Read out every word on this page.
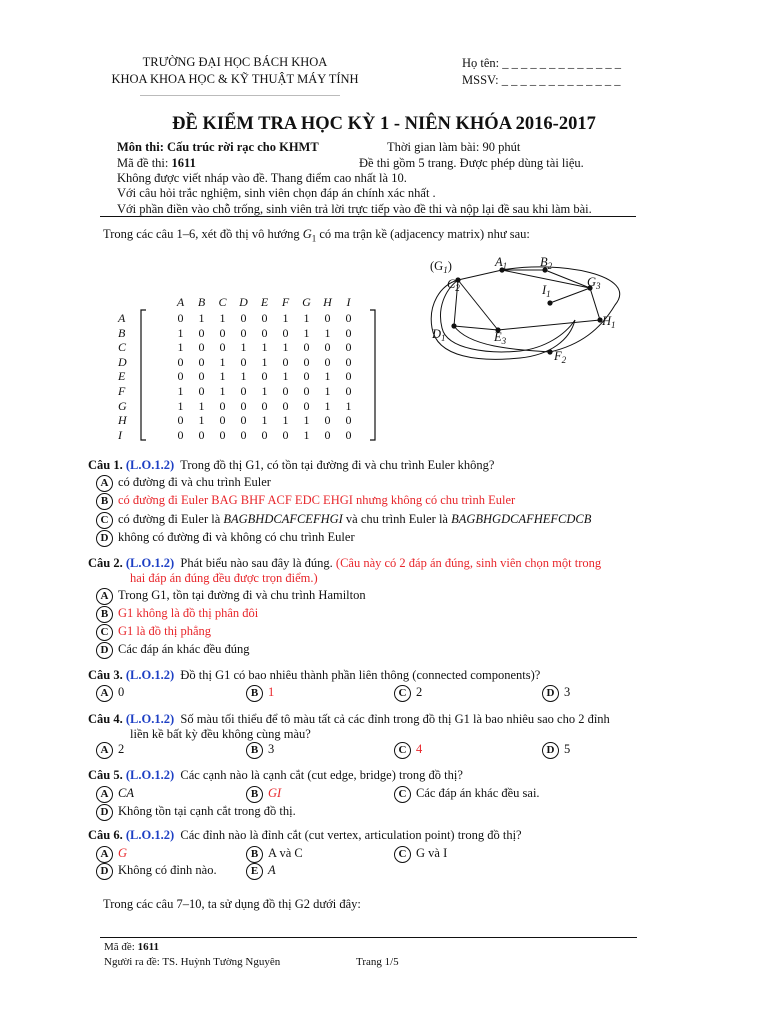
TRƯỜNG ĐẠI HỌC BÁCH KHOA
KHOA KHOA HỌC & KỸ THUẬT MÁY TÍNH
Họ tên: _ _ _ _ _ _ _ _ _ _ _ _ _
MSSV: _ _ _ _ _ _ _ _ _ _ _ _ _
ĐỀ KIỂM TRA HỌC KỲ 1 - NIÊN KHÓA 2016-2017
Môn thi: Cấu trúc rời rạc cho KHMT	Thời gian làm bài: 90 phút
Mã đề thi: 1611	Đề thi gồm 5 trang. Được phép dùng tài liệu.
Không được viết nháp vào đề. Thang điểm cao nhất là 10.
Với câu hỏi trắc nghiệm, sinh viên chọn đáp án chính xác nhất .
Với phần điền vào chỗ trống, sinh viên trả lời trực tiếp vào đề thi và nộp lại đề sau khi làm bài.
Trong các câu 1–6, xét đồ thị vô hướng $G_1$ có ma trận kề (adjacency matrix) như sau:
A B C D E F G H I
A	0 1 1 0 0 1 1 0 0
B	1 0 0 0 0 0 1 1 0
C	1 0 0 1 1 1 0 0 0
D	0 0 1 0 1 0 0 0 0
E	0 0 1 1 0 1 0 1 0
F	1 0 1 0 1 0 0 1 0
G	1 1 0 0 0 0 0 1 1
H	0 1 0 0 1 1 1 0 0
I	0 0 0 0 0 0 1 0 0
$(G_1)$	$A_1$	$B_2$
$C_2$	$G_3$
$I_1$
$H_1$
$D_1$	$E_3$
$F_2$
Câu 1. (L.O.1.2) Trong đồ thị G1, có tồn tại đường đi và chu trình Euler không?
A có đường đi và chu trình Euler
B có đường đi Euler BAG BHF ACF EDC EHGI nhưng không có chu trình Euler
C có đường đi Euler là BAGBHDCAFCEFHGI và chu trình Euler là BAGBHGDCAFHEFCDCB
D không có đường đi và không có chu trình Euler
Câu 2. (L.O.1.2) Phát biểu nào sau đây là đúng. (Câu này có 2 đáp án đúng, sinh viên chọn một trong
hai đáp án đúng đều được trọn điểm.)
A Trong G1, tồn tại đường đi và chu trình Hamilton
B G1 không là đồ thị phân đôi
C G1 là đồ thị phẳng
D Các đáp án khác đều đúng
Câu 3. (L.O.1.2) Đồ thị G1 có bao nhiêu thành phần liên thông (connected components)?
A 0	B 1	C 2	D 3
Câu 4. (L.O.1.2) Số màu tối thiểu để tô màu tất cả các đỉnh trong đồ thị G1 là bao nhiêu sao cho 2 đỉnh
liền kề bất kỳ đều không cùng màu?
A 2	B 3	C 4	D 5
Câu 5. (L.O.1.2) Các cạnh nào là cạnh cắt (cut edge, bridge) trong đồ thị?
A CA	B GI	C Các đáp án khác đều sai.
D Không tồn tại cạnh cắt trong đồ thị.
Câu 6. (L.O.1.2) Các đỉnh nào là đỉnh cắt (cut vertex, articulation point) trong đồ thị?
A G	B A và C	C G và I
D Không có đỉnh nào.	E A
Trong các câu 7–10, ta sử dụng đồ thị G2 dưới đây:
Mã đề: 1611
Người ra đề: TS. Huỳnh Tường Nguyên	Trang 1/5
